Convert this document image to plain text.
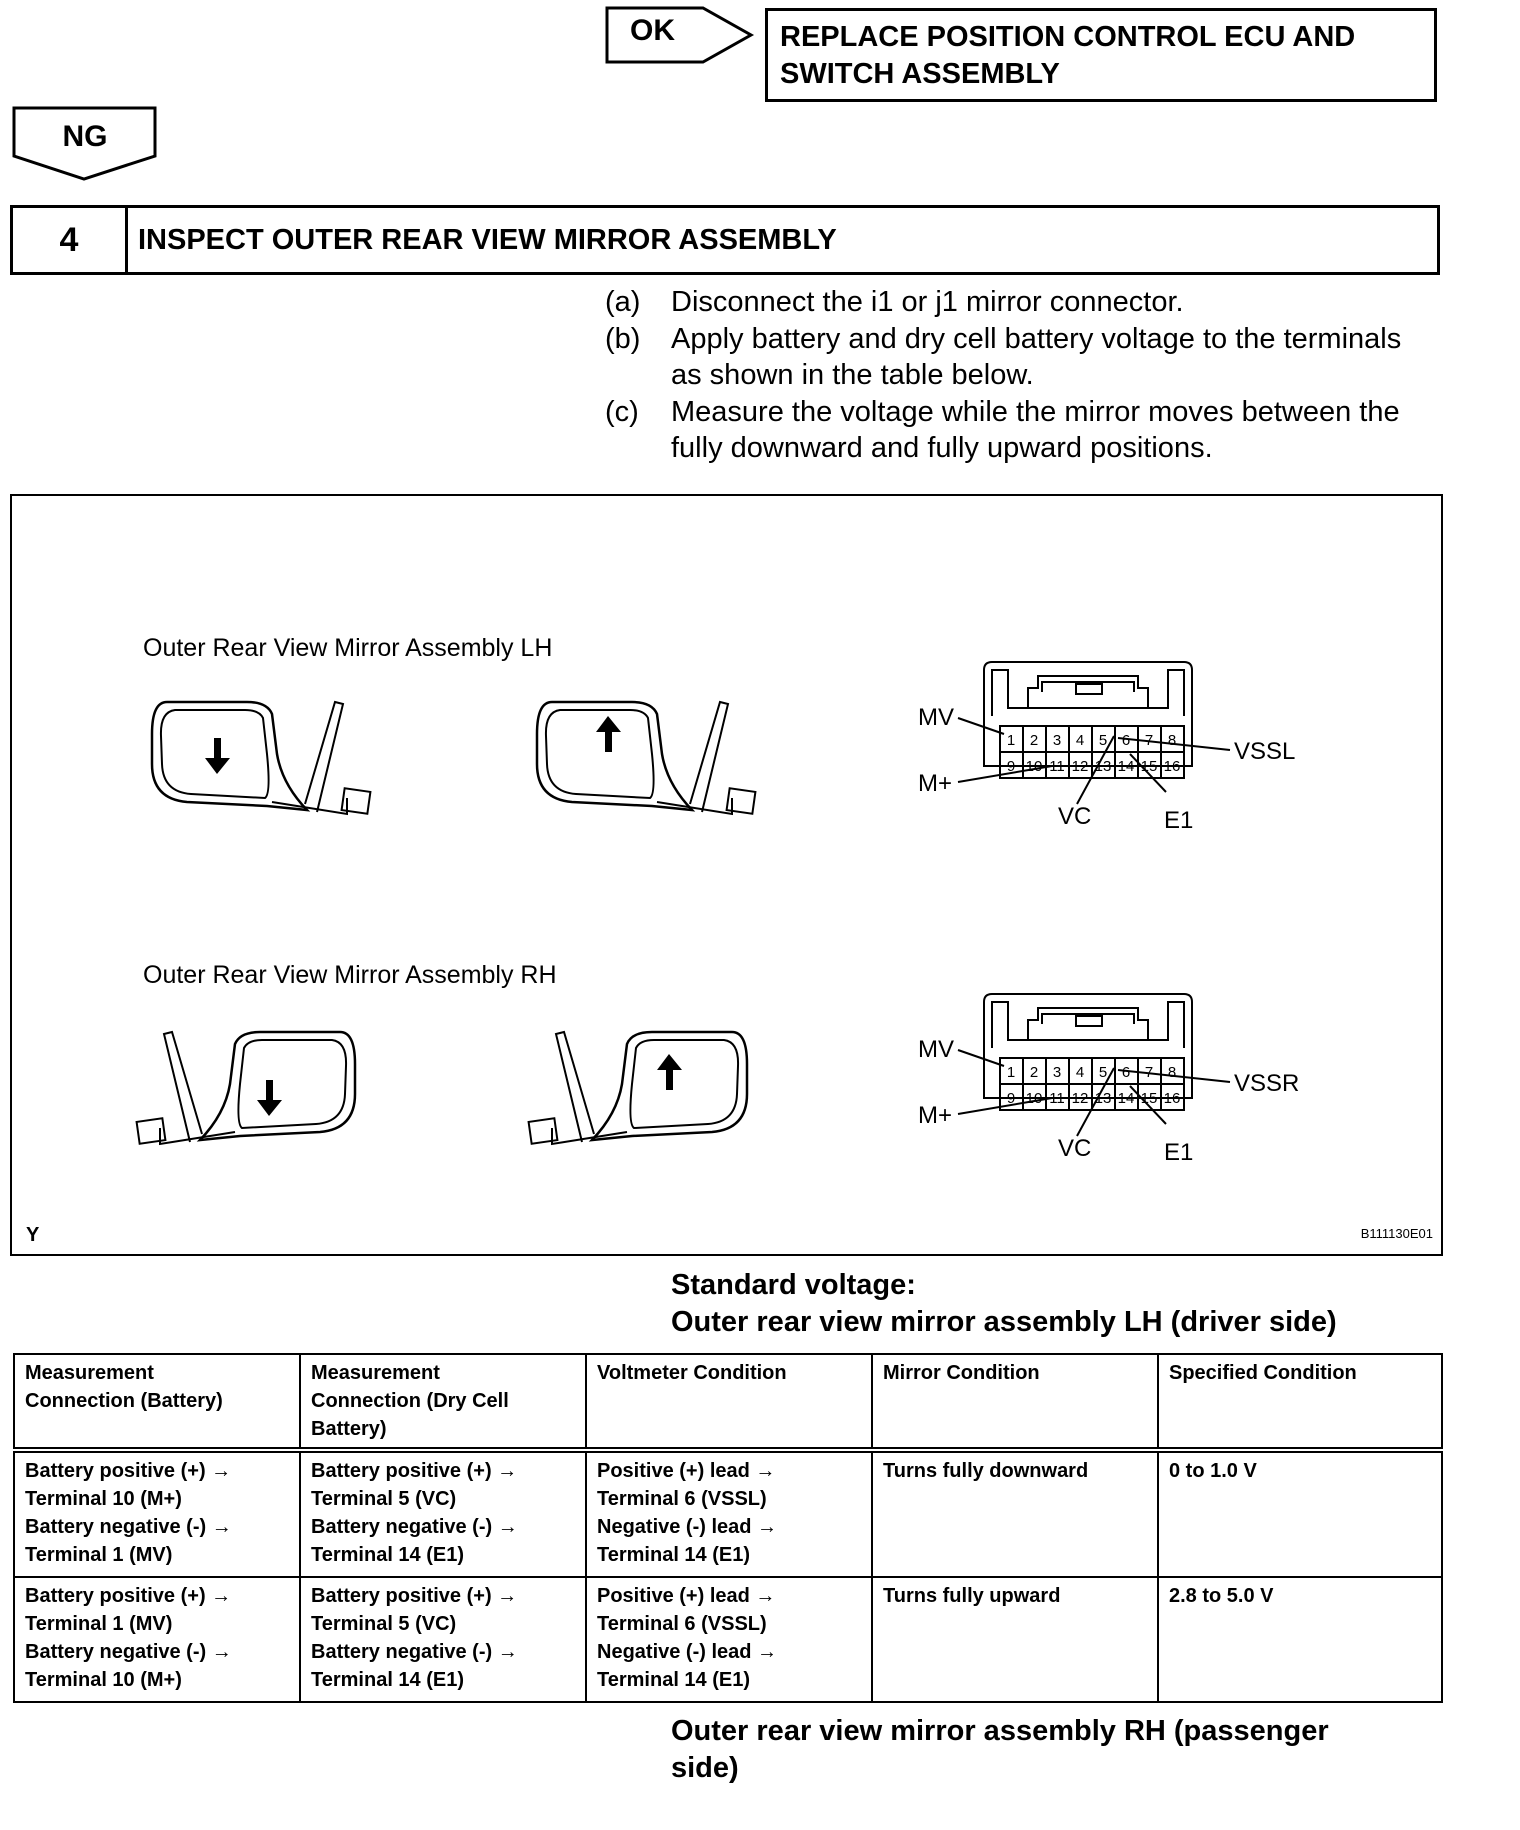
OK	REPLACE POSITION CONTROL ECU AND
SWITCH ASSEMBLY
NG
4	INSPECT OUTER REAR VIEW MIRROR ASSEMBLY
(a)	Disconnect the i1 or j1 mirror connector.
(b)	Apply battery and dry cell battery voltage to the terminals
as shown in the table below.
(c)	Measure the voltage while the mirror moves between the
fully downward and fully upward positions.
Outer Rear View Mirror Assembly LH
Outer Rear View Mirror Assembly RH
1 2 3 4 5 6 7 8
9 10 11 12 13 14 15 16
MV
M+
VC	E1
VSSL
1 2 3 4 5 6 7 8
9 10 11 12 13 14 15 16
MV
M+
VC	E1
VSSR
Y	B111130E01
Standard voltage:
Outer rear view mirror assembly LH (driver side)
Measurement
Connection (Battery)	Measurement
Connection (Dry Cell
Battery)	Voltmeter Condition	Mirror Condition	Specified Condition

Battery positive (+) →
Terminal 10 (M+)
Battery negative (-) →
Terminal 1 (MV)	Battery positive (+) →
Terminal 5 (VC)
Battery negative (-) →
Terminal 14 (E1)	Positive (+) lead →
Terminal 6 (VSSL)
Negative (-) lead →
Terminal 14 (E1)	Turns fully downward	0 to 1.0 V

Battery positive (+) →
Terminal 1 (MV)
Battery negative (-) →
Terminal 10 (M+)	Battery positive (+) →
Terminal 5 (VC)
Battery negative (-) →
Terminal 14 (E1)	Positive (+) lead →
Terminal 6 (VSSL)
Negative (-) lead →
Terminal 14 (E1)	Turns fully upward	2.8 to 5.0 V
Outer rear view mirror assembly RH (passenger
side)
